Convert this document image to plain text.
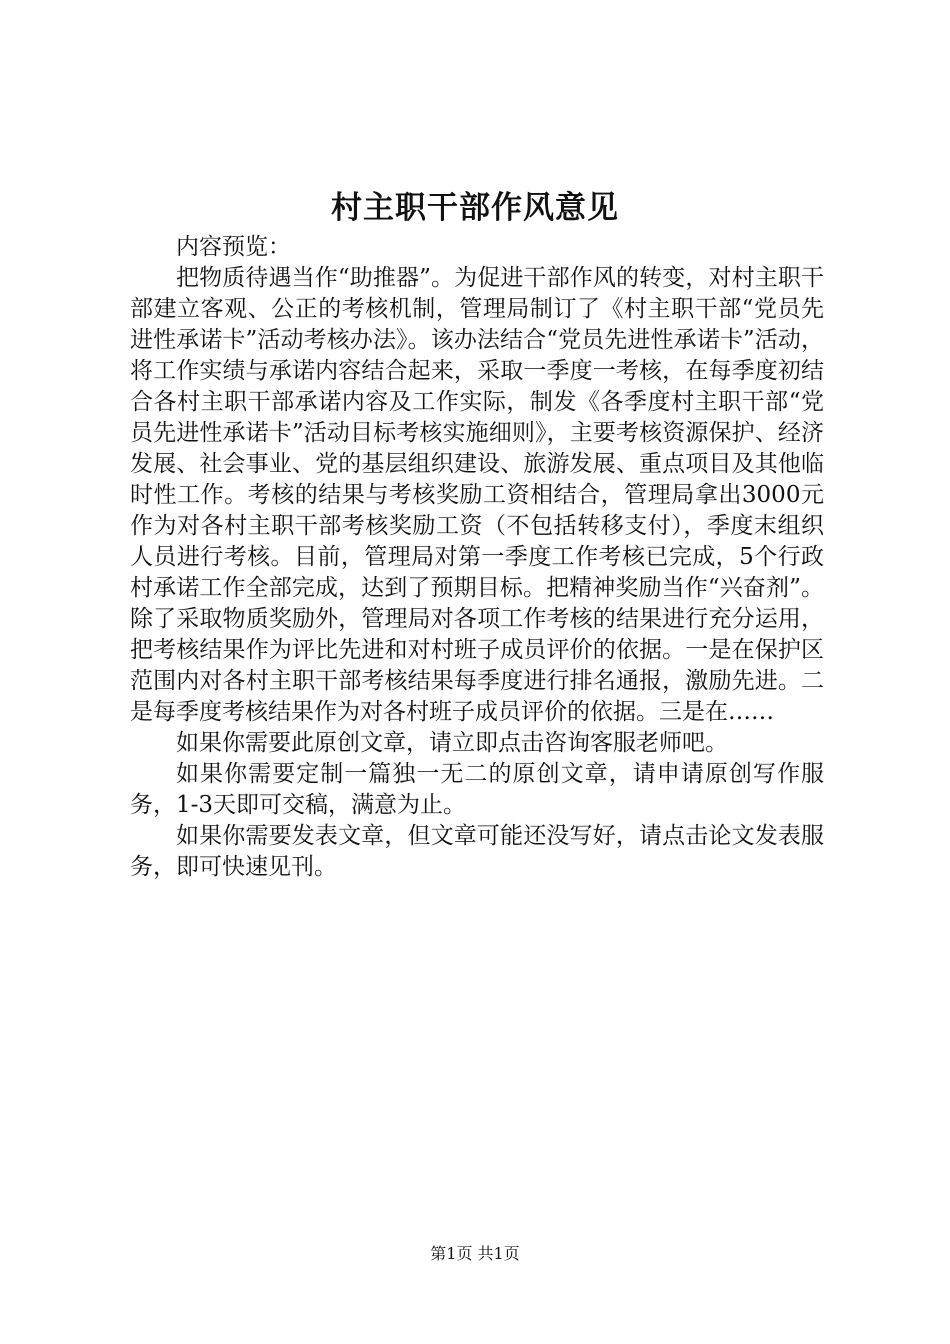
村主职干部作风意见

内容预览：

把物质待遇当作“助推器”。为促进干部作风的转变，对村主职干部建立客观、公正的考核机制，管理局制订了《村主职干部“党员先进性承诺卡”活动考核办法》。该办法结合“党员先进性承诺卡”活动，将工作实绩与承诺内容结合起来，采取一季度一考核，在每季度初结合各村主职干部承诺内容及工作实际，制发《各季度村主职干部“党员先进性承诺卡”活动目标考核实施细则》，主要考核资源保护、经济发展、社会事业、党的基层组织建设、旅游发展、重点项目及其他临时性工作。考核的结果与考核奖励工资相结合，管理局拿出3000元作为对各村主职干部考核奖励工资（不包括转移支付），季度末组织人员进行考核。目前，管理局对第一季度工作考核已完成，5个行政村承诺工作全部完成，达到了预期目标。把精神奖励当作“兴奋剂”。除了采取物质奖励外，管理局对各项工作考核的结果进行充分运用，把考核结果作为评比先进和对村班子成员评价的依据。一是在保护区范围内对各村主职干部考核结果每季度进行排名通报，激励先进。二是每季度考核结果作为对各村班子成员评价的依据。三是在……

如果你需要此原创文章，请立即点击咨询客服老师吧。

如果你需要定制一篇独一无二的原创文章，请申请原创写作服务，1-3天即可交稿，满意为止。

如果你需要发表文章，但文章可能还没写好，请点击论文发表服务，即可快速见刊。

第1页 共1页
